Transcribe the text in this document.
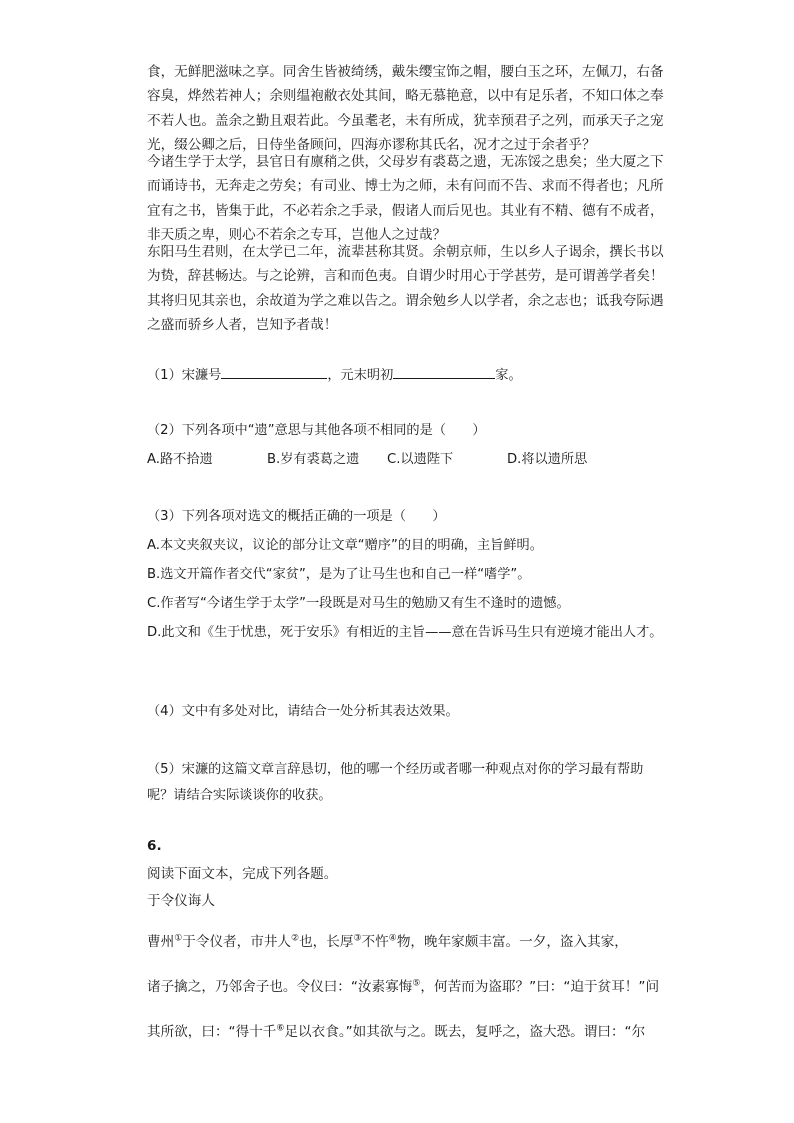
食，无鲜肥滋味之享。同舍生皆被绮绣，戴朱缨宝饰之帽，腰白玉之环，左佩刀，右备容臭，烨然若神人；余则缊袍敝衣处其间，略无慕艳意，以中有足乐者，不知口体之奉不若人也。盖余之勤且艰若此。今虽耄老，未有所成，犹幸预君子之列，而承天子之宠光，缀公卿之后，日侍坐备顾问，四海亦谬称其氏名，况才之过于余者乎？

今诸生学于太学，县官日有廪稍之供，父母岁有裘葛之遗，无冻馁之患矣；坐大厦之下而诵诗书，无奔走之劳矣；有司业、博士为之师，未有问而不告、求而不得者也；凡所宜有之书，皆集于此，不必若余之手录，假诸人而后见也。其业有不精、德有不成者，非天质之卑，则心不若余之专耳，岂他人之过哉？

东阳马生君则，在太学已二年，流辈甚称其贤。余朝京师，生以乡人子谒余，撰长书以为贽，辞甚畅达。与之论辨，言和而色夷。自谓少时用心于学甚劳，是可谓善学者矣！其将归见其亲也，余故道为学之难以告之。谓余勉乡人以学者，余之志也；诋我夸际遇之盛而骄乡人者，岂知予者哉！

（1）宋濂号	，元末明初	家。
（2）下列各项中“遗”意思与其他各项不相同的是（　　）
A.路不拾遗	B.岁有裘葛之遗 C.以遗陛下	D.将以遗所思
（3）下列各项对选文的概括正确的一项是（　　）

A.本文夹叙夹议，议论的部分让文章“赠序”的目的明确，主旨鲜明。

B.选文开篇作者交代“家贫”，是为了让马生也和自己一样“嗜学”。

C.作者写“今诸生学于太学”一段既是对马生的勉励又有生不逢时的遗憾。

D.此文和《生于忧患，死于安乐》有相近的主旨——意在告诉马生只有逆境才能出人才。

（4）文中有多处对比，请结合一处分析其表达效果。

（5）宋濂的这篇文章言辞恳切，他的哪一个经历或者哪一种观点对你的学习最有帮助呢？请结合实际谈谈你的收获。

6.
阅读下面文本，完成下列各题。
于令仪诲人
曹州①于令仪者，市井人②也，长厚③不忤④物，晚年家颇丰富。一夕，盗入其家，
诸子擒之，乃邻舍子也。令仪曰：“汝素寡悔⑤，何苦而为盗耶？”曰：“迫于贫耳！”问
其所欲，曰：“得十千⑥足以衣食。”如其欲与之。既去，复呼之，盗大恐。谓曰：“尔
